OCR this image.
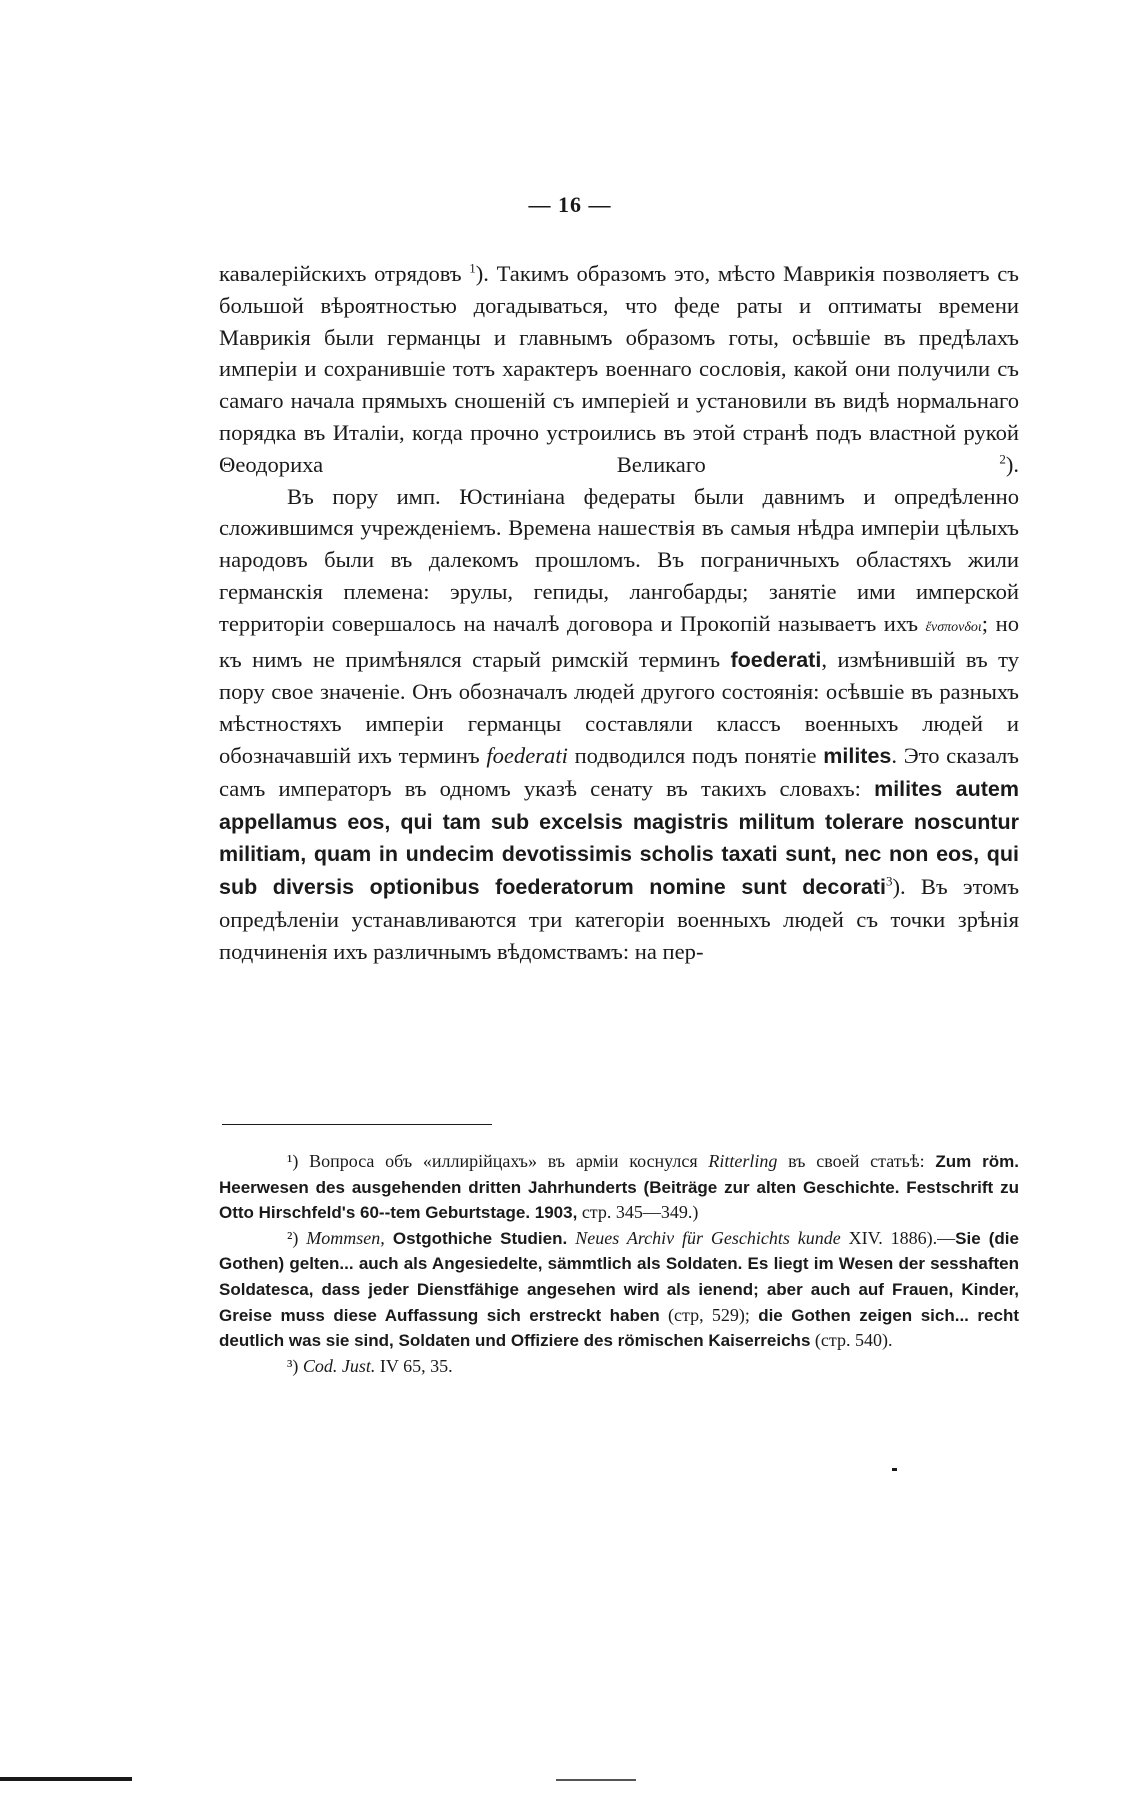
— 16 —

кавалерійскихъ отрядовъ $^1$). Такимъ образомъ это, мѣсто Маврикія позволяетъ съ большой вѣроятностью догадываться, что феде раты и оптиматы времени Маврикія были германцы и главнымъ образомъ готы, осѣвшіе въ предѣлахъ имперіи и сохранившіе тотъ характеръ военнаго сословія, какой они получили съ самаго начала прямыхъ сношеній съ имперіей и установили въ видѣ нормальнаго порядка въ Италіи, когда прочно устроились въ этой странѣ подъ властной рукой Θеодориха Великаго $^2$).

Въ пору имп. Юстиніана федераты были давнимъ и опредѣленно сложившимся учрежденіемъ. Времена нашествія въ самыя нѣдра имперіи цѣлыхъ народовъ были въ далекомъ прошломъ. Въ пограничныхъ областяхъ жили германскія племена: эрулы, гепиды, лангобарды; занятіе ими имперской территоріи совершалось на началѣ договора и Прокопій называетъ ихъ ἔνσπονδοι; но къ нимъ не примѣнялся старый римскій терминъ foederati, измѣнившій въ ту пору свое значеніе. Онъ обозначалъ людей другого состоянія: осѣвшіе въ разныхъ мѣстностяхъ имперіи германцы составляли классъ военныхъ людей и обозначавшій ихъ терминъ foederati подводился подъ понятіе milites. Это сказалъ самъ императоръ въ одномъ указѣ сенату въ такихъ словахъ: milites autem appellamus eos, qui tam sub excelsis magistris militum tolerare noscuntur militiam, quam in undecim devotissimis scholis taxati sunt, nec non eos, qui sub diversis optionibus foederatorum nomine sunt decorati$^3$). Въ этомъ опредѣленіи устанавливаются три категоріи военныхъ людей съ точки зрѣнія подчиненія ихъ различнымъ вѣдомствамъ: на пер-

¹) Вопроса объ «иллирійцахъ» въ арміи коснулся Ritterling въ своей статьѣ: Zum röm. Heerwesen des ausgehenden dritten Jahrhunderts (Beiträge zur alten Geschichte. Festschrift zu Otto Hirschfeld's 60--tem Geburtstage. 1903, стр. 345—349.)

²) Mommsen, Ostgothiche Studien. Neues Archiv für Geschichts kunde XIV. 1886).—Sie (die Gothen) gelten... auch als Angesiedelte, sämmtlich als Soldaten. Es liegt im Wesen der sesshaften Soldatesca, dass jeder Dienstfähige angesehen wird als ienend; aber auch auf Frauen, Kinder, Greise muss diese Auffassung sich erstreckt haben (стр, 529); die Gothen zeigen sich... recht deutlich was sie sind, Soldaten und Offiziere des römischen Kaiserreichs (стр. 540).

³) Cod. Just. IV 65, 35.
